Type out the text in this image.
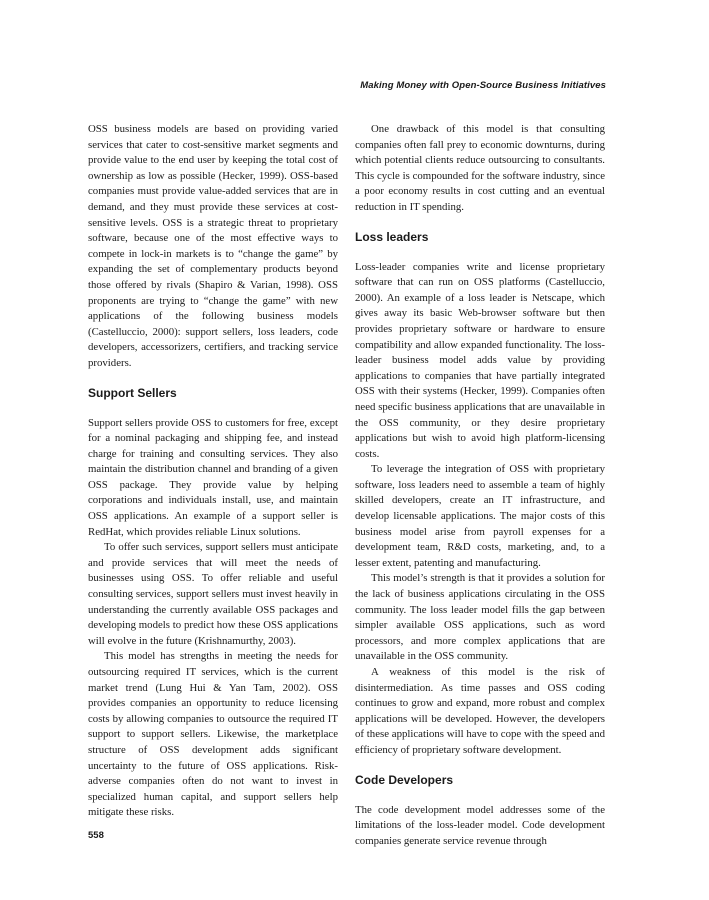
Making Money with Open-Source Business Initiatives

OSS business models are based on providing varied services that cater to cost-sensitive market segments and provide value to the end user by keeping the total cost of ownership as low as possible (Hecker, 1999). OSS-based companies must provide value-added services that are in demand, and they must provide these services at cost-sensitive levels. OSS is a strategic threat to proprietary software, because one of the most effective ways to compete in lock-in markets is to “change the game” by expanding the set of complementary products beyond those offered by rivals (Shapiro & Varian, 1998). OSS proponents are trying to “change the game” with new applications of the following business models (Castelluccio, 2000): support sellers, loss leaders, code developers, accessorizers, certifiers, and tracking service providers.

Support Sellers

Support sellers provide OSS to customers for free, except for a nominal packaging and shipping fee, and instead charge for training and consulting services. They also maintain the distribution channel and branding of a given OSS package. They provide value by helping corporations and individuals install, use, and maintain OSS applications. An example of a support seller is RedHat, which provides reliable Linux solutions.

To offer such services, support sellers must anticipate and provide services that will meet the needs of businesses using OSS. To offer reliable and useful consulting services, support sellers must invest heavily in understanding the currently available OSS packages and developing models to predict how these OSS applications will evolve in the future (Krishnamurthy, 2003).

This model has strengths in meeting the needs for outsourcing required IT services, which is the current market trend (Lung Hui & Yan Tam, 2002). OSS provides companies an opportunity to reduce licensing costs by allowing companies to outsource the required IT support to support sellers. Likewise, the marketplace structure of OSS development adds significant uncertainty to the future of OSS applications. Risk-adverse companies often do not want to invest in specialized human capital, and support sellers help mitigate these risks.

One drawback of this model is that consulting companies often fall prey to economic downturns, during which potential clients reduce outsourcing to consultants. This cycle is compounded for the software industry, since a poor economy results in cost cutting and an eventual reduction in IT spending.

Loss leaders

Loss-leader companies write and license proprietary software that can run on OSS platforms (Castelluccio, 2000). An example of a loss leader is Netscape, which gives away its basic Web-browser software but then provides proprietary software or hardware to ensure compatibility and allow expanded functionality. The loss-leader business model adds value by providing applications to companies that have partially integrated OSS with their systems (Hecker, 1999). Companies often need specific business applications that are unavailable in the OSS community, or they desire proprietary applications but wish to avoid high platform-licensing costs.

To leverage the integration of OSS with proprietary software, loss leaders need to assemble a team of highly skilled developers, create an IT infrastructure, and develop licensable applications. The major costs of this business model arise from payroll expenses for a development team, R&D costs, marketing, and, to a lesser extent, patenting and manufacturing.

This model’s strength is that it provides a solution for the lack of business applications circulating in the OSS community. The loss leader model fills the gap between simpler available OSS applications, such as word processors, and more complex applications that are unavailable in the OSS community.

A weakness of this model is the risk of disintermediation. As time passes and OSS coding continues to grow and expand, more robust and complex applications will be developed. However, the developers of these applications will have to cope with the speed and efficiency of proprietary software development.

Code Developers

The code development model addresses some of the limitations of the loss-leader model. Code development companies generate service revenue through

558
